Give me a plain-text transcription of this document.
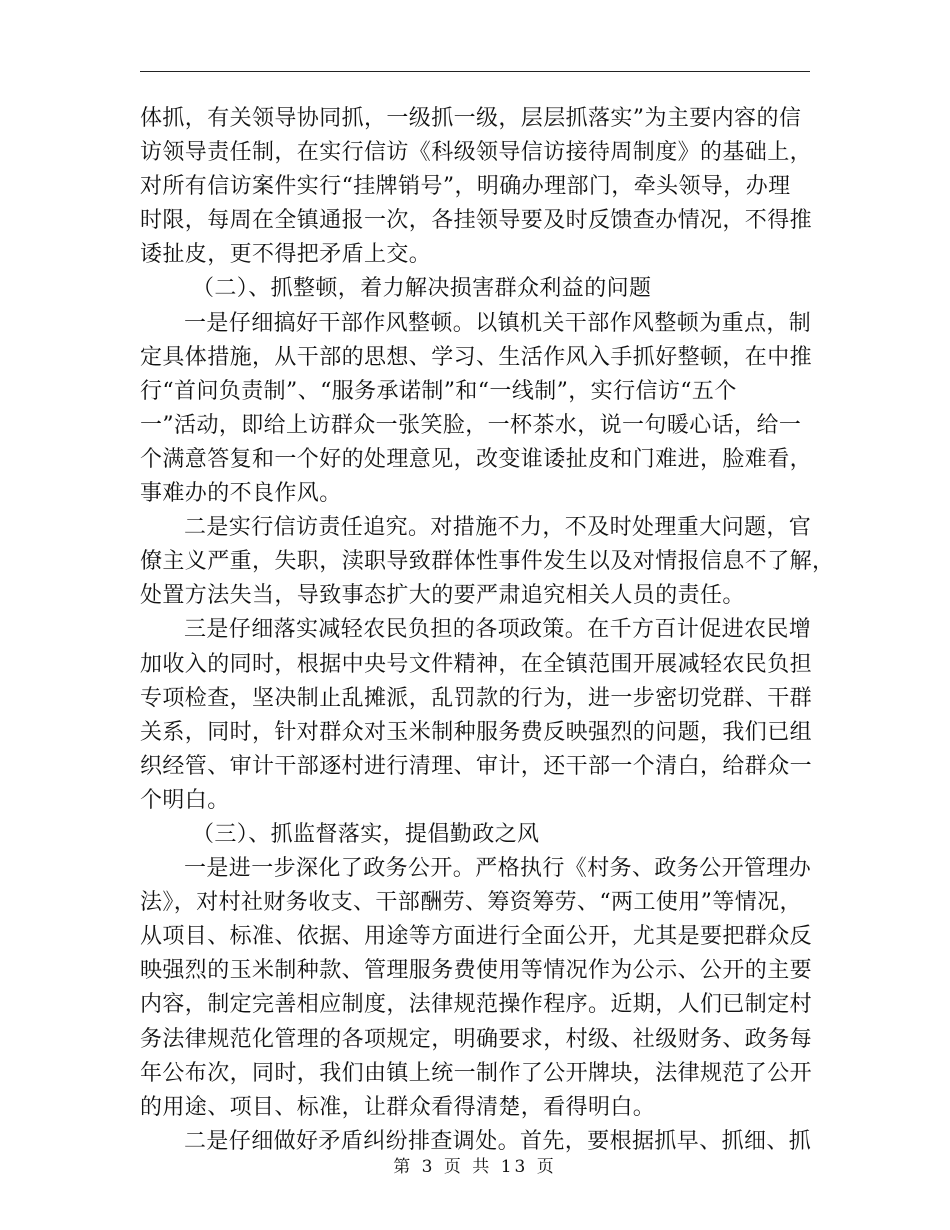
体抓，有关领导协同抓，一级抓一级，层层抓落实”为主要内容的信
访领导责任制，在实行信访《科级领导信访接待周制度》的基础上，
对所有信访案件实行“挂牌销号”，明确办理部门，牵头领导，办理
时限，每周在全镇通报一次，各挂领导要及时反馈查办情况，不得推
诿扯皮，更不得把矛盾上交。
（二）、抓整顿，着力解决损害群众利益的问题
一是仔细搞好干部作风整顿。以镇机关干部作风整顿为重点，制
定具体措施，从干部的思想、学习、生活作风入手抓好整顿，在中推
行“首问负责制”、“服务承诺制”和“一线制”，实行信访“五个
一”活动，即给上访群众一张笑脸，一杯茶水，说一句暖心话，给一
个满意答复和一个好的处理意见，改变谁诿扯皮和门难进，脸难看，
事难办的不良作风。
二是实行信访责任追究。对措施不力，不及时处理重大问题，官
僚主义严重，失职，渎职导致群体性事件发生以及对情报信息不了解，
处置方法失当，导致事态扩大的要严肃追究相关人员的责任。
三是仔细落实减轻农民负担的各项政策。在千方百计促进农民增
加收入的同时，根据中央号文件精神，在全镇范围开展减轻农民负担
专项检查，坚决制止乱摊派，乱罚款的行为，进一步密切党群、干群
关系，同时，针对群众对玉米制种服务费反映强烈的问题，我们已组
织经管、审计干部逐村进行清理、审计，还干部一个清白，给群众一
个明白。
（三）、抓监督落实，提倡勤政之风
一是进一步深化了政务公开。严格执行《村务、政务公开管理办
法》，对村社财务收支、干部酬劳、筹资筹劳、“两工使用”等情况，
从项目、标准、依据、用途等方面进行全面公开，尤其是要把群众反
映强烈的玉米制种款、管理服务费使用等情况作为公示、公开的主要
内容，制定完善相应制度，法律规范操作程序。近期，人们已制定村
务法律规范化管理的各项规定，明确要求，村级、社级财务、政务每
年公布次，同时，我们由镇上统一制作了公开牌块，法律规范了公开
的用途、项目、标准，让群众看得清楚，看得明白。
二是仔细做好矛盾纠纷排查调处。首先，要根据抓早、抓细、抓
第 3 页 共 13 页
